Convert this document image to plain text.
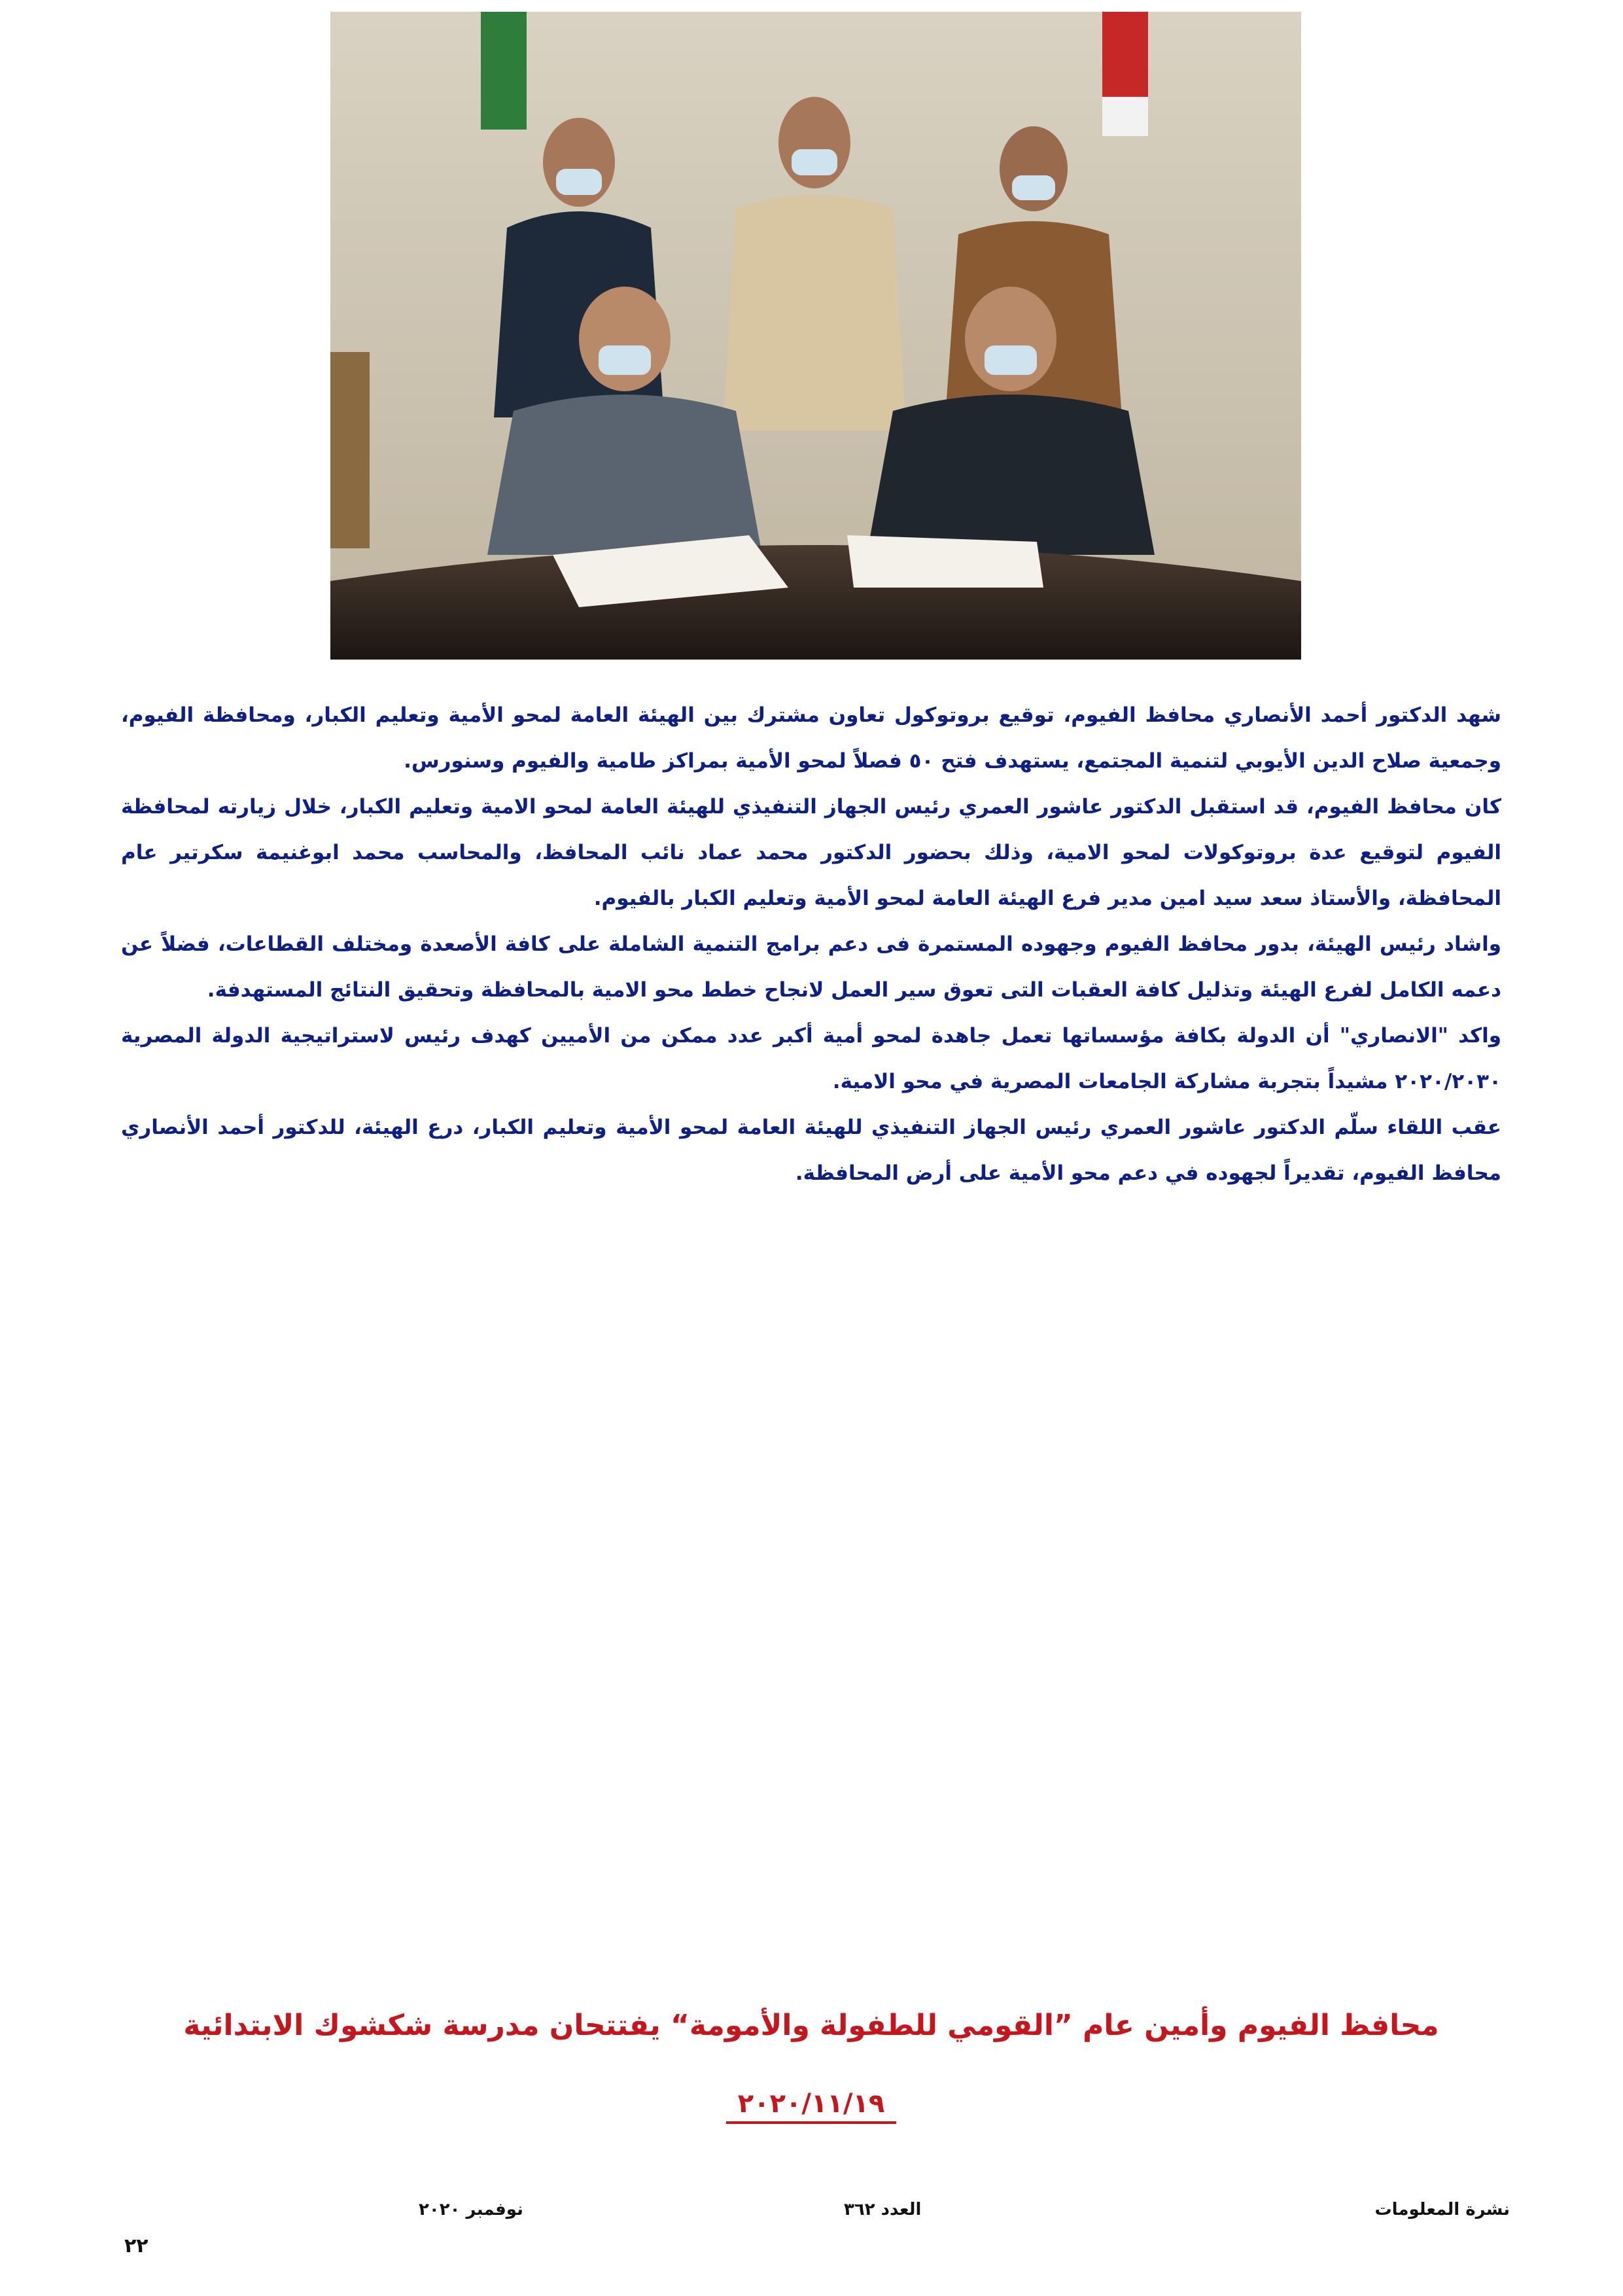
شهد الدكتور أحمد الأنصاري محافظ الفيوم، توقيع بروتوكول تعاون مشترك بين الهيئة العامة لمحو الأمية وتعليم الكبار، ومحافظة الفيوم، وجمعية صلاح الدين الأيوبي لتنمية المجتمع، يستهدف فتح ٥٠ فصلاً لمحو الأمية بمراكز طامية والفيوم وسنورس.

كان محافظ الفيوم، قد استقبل الدكتور عاشور العمري رئيس الجهاز التنفيذي للهيئة العامة لمحو الامية وتعليم الكبار، خلال زيارته لمحافظة الفيوم لتوقيع عدة بروتوكولات لمحو الامية، وذلك بحضور الدكتور محمد عماد نائب المحافظ، والمحاسب محمد ابوغنيمة سكرتير عام المحافظة، والأستاذ سعد سيد امين مدير فرع الهيئة العامة لمحو الأمية وتعليم الكبار بالفيوم.

واشاد رئيس الهيئة، بدور محافظ الفيوم وجهوده المستمرة فى دعم برامج التنمية الشاملة على كافة الأصعدة ومختلف القطاعات، فضلاً عن دعمه الكامل لفرع الهيئة وتذليل كافة العقبات التى تعوق سير العمل لانجاح خطط محو الامية بالمحافظة وتحقيق النتائج المستهدفة.

واكد "الانصاري" أن الدولة بكافة مؤسساتها تعمل جاهدة لمحو أمية أكبر عدد ممكن من الأميين كهدف رئيس لاستراتيجية الدولة المصرية ٢٠٢٠/٢٠٣٠ مشيداً بتجربة مشاركة الجامعات المصرية في محو الامية.

عقب اللقاء سلّم الدكتور عاشور العمري رئيس الجهاز التنفيذي للهيئة العامة لمحو الأمية وتعليم الكبار، درع الهيئة، للدكتور أحمد الأنصاري محافظ الفيوم، تقديراً لجهوده في دعم محو الأمية على أرض المحافظة.

محافظ الفيوم وأمين عام ”القومي للطفولة والأمومة“ يفتتحان مدرسة شكشوك الابتدائية
٢٠٢٠/١١/١٩
نشرة المعلومات
العدد ٣٦٢
نوفمبر ٢٠٢٠
٢٢
